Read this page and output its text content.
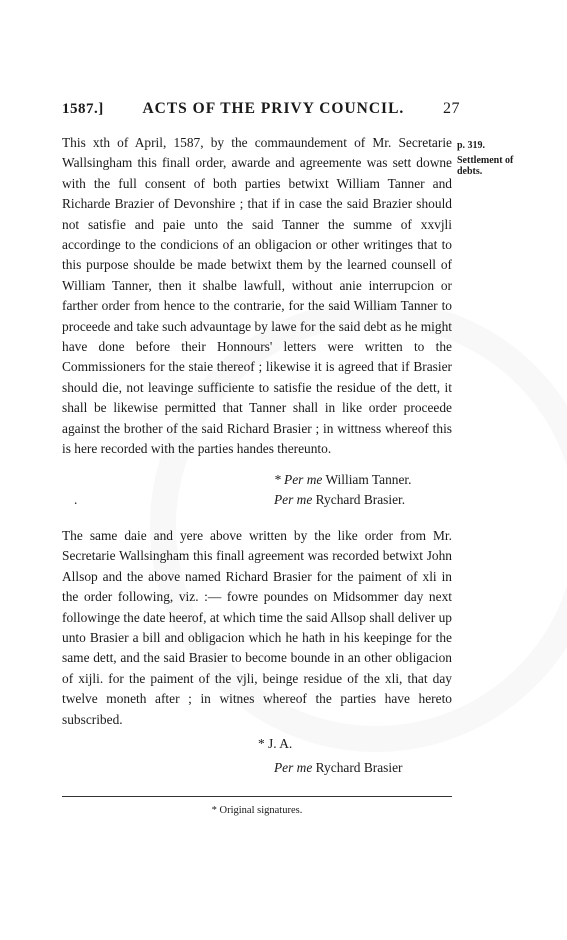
1587.] ACTS OF THE PRIVY COUNCIL. 27
p. 319.
Settlement of debts.

This xth of April, 1587, by the commaundement of Mr. Secretarie Wallsingham this finall order, awarde and agreemente was sett downe with the full consent of both parties betwixt William Tanner and Richarde Brazier of Devonshire ; that if in case the said Brazier should not satisfie and paie unto the said Tanner the summe of xxvjli accordinge to the condicions of an obligacion or other writinges that to this purpose shoulde be made betwixt them by the learned counsell of William Tanner, then it shalbe lawfull, without anie interrupcion or farther order from hence to the contrarie, for the said William Tanner to proceede and take such advauntage by lawe for the said debt as he might have done before their Honnours' letters were written to the Commissioners for the staie thereof ; likewise it is agreed that if Brasier should die, not leavinge sufficiente to satisfie the residue of the dett, it shall be likewise permitted that Tanner shall in like order proceede against the brother of the said Richard Brasier ; in wittness whereof this is here recorded with the parties handes thereunto.

* Per me William Tanner.
.	Per me Rychard Brasier.

The same daie and yere above written by the like order from Mr. Secretarie Wallsingham this finall agreement was recorded betwixt John Allsop and the above named Richard Brasier for the paiment of xli in the order following, viz. :— fowre poundes on Midsommer day next followinge the date heerof, at which time the said Allsop shall deliver up unto Brasier a bill and obligacion which he hath in his keepinge for the same dett, and the said Brasier to become bounde in an other obligacion of xijli. for the paiment of the vjli, beinge residue of the xli, that day twelve moneth after ; in witnes whereof the parties have hereto subscribed.

* J. A.
Per me Rychard Brasier
* Original signatures.
